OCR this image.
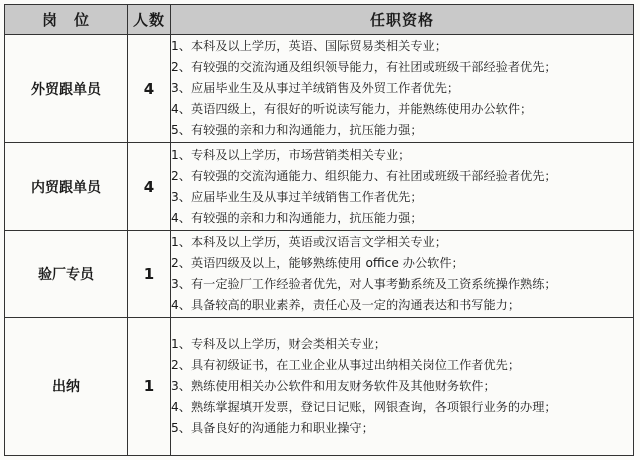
岗　位	人数	任职资格
外贸跟单员	4	1、本科及以上学历，英语、国际贸易类相关专业；
2、有较强的交流沟通及组织领导能力，有社团或班级干部经验者优先；
3、应届毕业生及从事过羊绒销售及外贸工作者优先；
4、英语四级上，有很好的听说读写能力，并能熟练使用办公软件；
5、有较强的亲和力和沟通能力，抗压能力强；

内贸跟单员	4	1、专科及以上学历，市场营销类相关专业；
2、有较强的交流沟通能力、组织能力、有社团或班级干部经验者优先；
3、应届毕业生及从事过羊绒销售工作者优先；
4、有较强的亲和力和沟通能力，抗压能力强；

验厂专员	1	1、本科及以上学历，英语或汉语言文学相关专业；
2、英语四级及以上，能够熟练使用 office 办公软件；
3、有一定验厂工作经验者优先，对人事考勤系统及工资系统操作熟练；
4、具备较高的职业素养，责任心及一定的沟通表达和书写能力；

出纳	1	1、专科及以上学历，财会类相关专业；
2、具有初级证书，在工业企业从事过出纳相关岗位工作者优先；
3、熟练使用相关办公软件和用友财务软件及其他财务软件；
4、熟练掌握填开发票，登记日记账，网银查询，各项银行业务的办理；
5、具备良好的沟通能力和职业操守；
